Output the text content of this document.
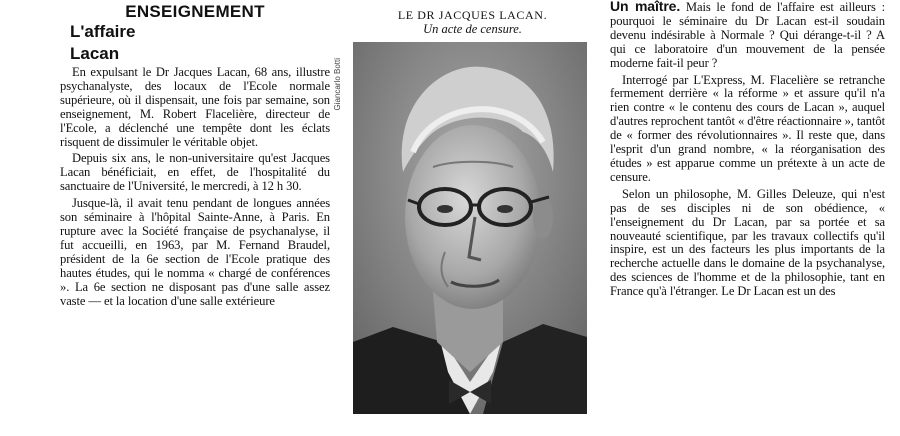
ENSEIGNEMENT
L'affaire
Lacan

En expulsant le Dr Jacques Lacan, 68 ans, illustre psychanalyste, des locaux de l'Ecole normale supérieure, où il dispensait, une fois par semaine, son enseignement, M. Robert Flacelière, directeur de l'Ecole, a déclenché une tempête dont les éclats risquent de dissimuler le véritable objet.

Depuis six ans, le non-universitaire qu'est Jacques Lacan bénéficiait, en effet, de l'hospitalité du sanctuaire de l'Université, le mercredi, à 12 h 30.

Jusque-là, il avait tenu pendant de longues années son séminaire à l'hôpital Sainte-Anne, à Paris. En rupture avec la Société française de psychanalyse, il fut accueilli, en 1963, par M. Fernand Braudel, président de la 6e section de l'Ecole pratique des hautes études, qui le nomma « chargé de conférences ». La 6e section ne disposant pas d'une salle assez vaste — et la location d'une salle extérieure

LE DR JACQUES LACAN.
Un acte de censure.
Giancarlo Botti

Un maître. Mais le fond de l'affaire est ailleurs : pourquoi le séminaire du Dr Lacan est-il soudain devenu indésirable à Normale ? Qui dérange-t-il ? A qui ce laboratoire d'un mouvement de la pensée moderne fait-il peur ?

Interrogé par L'Express, M. Flacelière se retranche fermement derrière « la réforme » et assure qu'il n'a rien contre « le contenu des cours de Lacan », auquel d'autres reprochent tantôt « d'être réactionnaire », tantôt de « former des révolutionnaires ». Il reste que, dans l'esprit d'un grand nombre, « la réorganisation des études » est apparue comme un prétexte à un acte de censure.

Selon un philosophe, M. Gilles Deleuze, qui n'est pas de ses disciples ni de son obédience, « l'enseignement du Dr Lacan, par sa portée et sa nouveauté scientifique, par les travaux collectifs qu'il inspire, est un des facteurs les plus importants de la recherche actuelle dans le domaine de la psychanalyse, des sciences de l'homme et de la philosophie, tant en France qu'à l'étranger. Le Dr Lacan est un des
